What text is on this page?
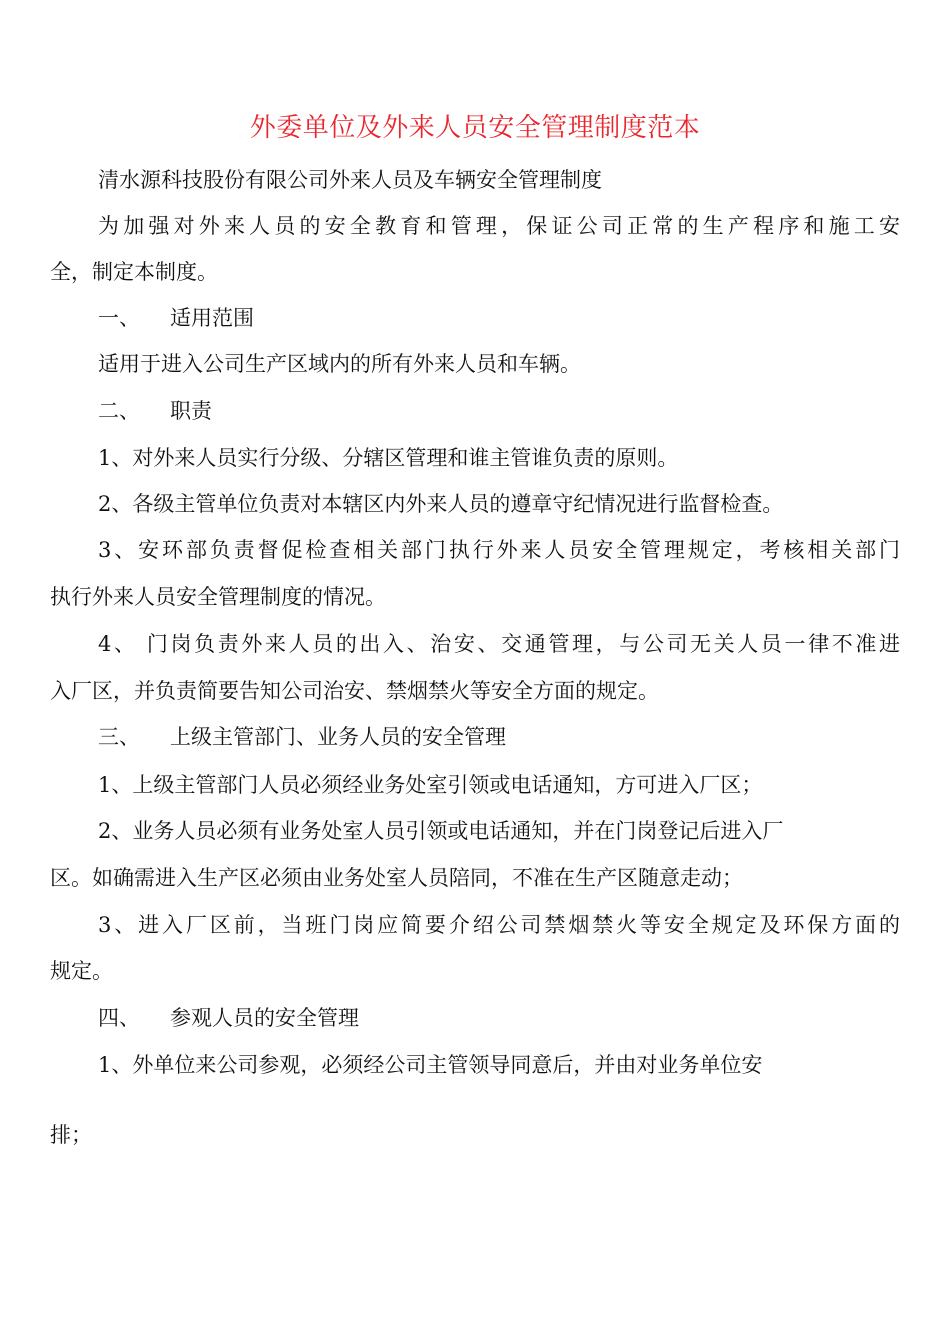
外委单位及外来人员安全管理制度范本
清水源科技股份有限公司外来人员及车辆安全管理制度
为加强对外来人员的安全教育和管理，保证公司正常的生产程序和施工安
全，制定本制度。
一、 适用范围
适用于进入公司生产区域内的所有外来人员和车辆。
二、 职责
1、对外来人员实行分级、分辖区管理和谁主管谁负责的原则。
2、各级主管单位负责对本辖区内外来人员的遵章守纪情况进行监督检查。
3、安环部负责督促检查相关部门执行外来人员安全管理规定，考核相关部门
执行外来人员安全管理制度的情况。
4、 门岗负责外来人员的出入、治安、交通管理，与公司无关人员一律不准进
入厂区，并负责简要告知公司治安、禁烟禁火等安全方面的规定。
三、 上级主管部门、业务人员的安全管理
1、上级主管部门人员必须经业务处室引领或电话通知，方可进入厂区；
2、业务人员必须有业务处室人员引领或电话通知，并在门岗登记后进入厂
区。如确需进入生产区必须由业务处室人员陪同，不准在生产区随意走动；
3、进入厂区前，当班门岗应简要介绍公司禁烟禁火等安全规定及环保方面的
规定。
四、 参观人员的安全管理
1、外单位来公司参观，必须经公司主管领导同意后，并由对业务单位安
排；
